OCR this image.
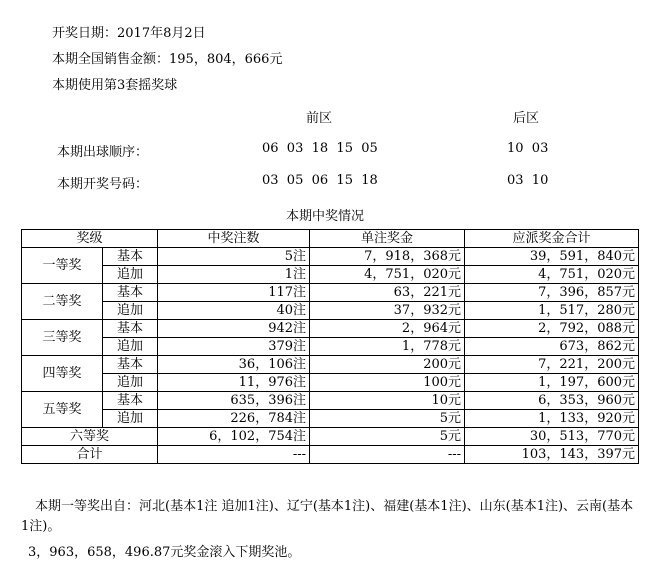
开奖日期：2017年8月2日
本期全国销售金额：195，804，666元
本期使用第3套摇奖球
前区	后区
本期出球顺序：	06  03  18  15  05	10  03
本期开奖号码：	03  05  06  15  18	03  10
本期中奖情况
奖级		中奖注数	单注奖金	应派奖金合计
一等奖	基本	5注	7，918，368元	39，591，840元
	追加	1注	4，751，020元	4，751，020元
二等奖	基本	117注	63，221元	7，396，857元
	追加	40注	37，932元	1，517，280元
三等奖	基本	942注	2，964元	2，792，088元
	追加	379注	1，778元	673，862元
四等奖	基本	36，106注	200元	7，221，200元
	追加	11，976注	100元	1，197，600元
五等奖	基本	635，396注	10元	6，353，960元
	追加	226，784注	5元	1，133，920元
六等奖		6，102，754注	5元	30，513，770元
合计		---	---	103，143，397元
本期一等奖出自：河北(基本1注 追加1注)、辽宁(基本1注)、福建(基本1注)、山东(基本1注)、云南(基本1注)。
3，963，658，496.87元奖金滚入下期奖池。
